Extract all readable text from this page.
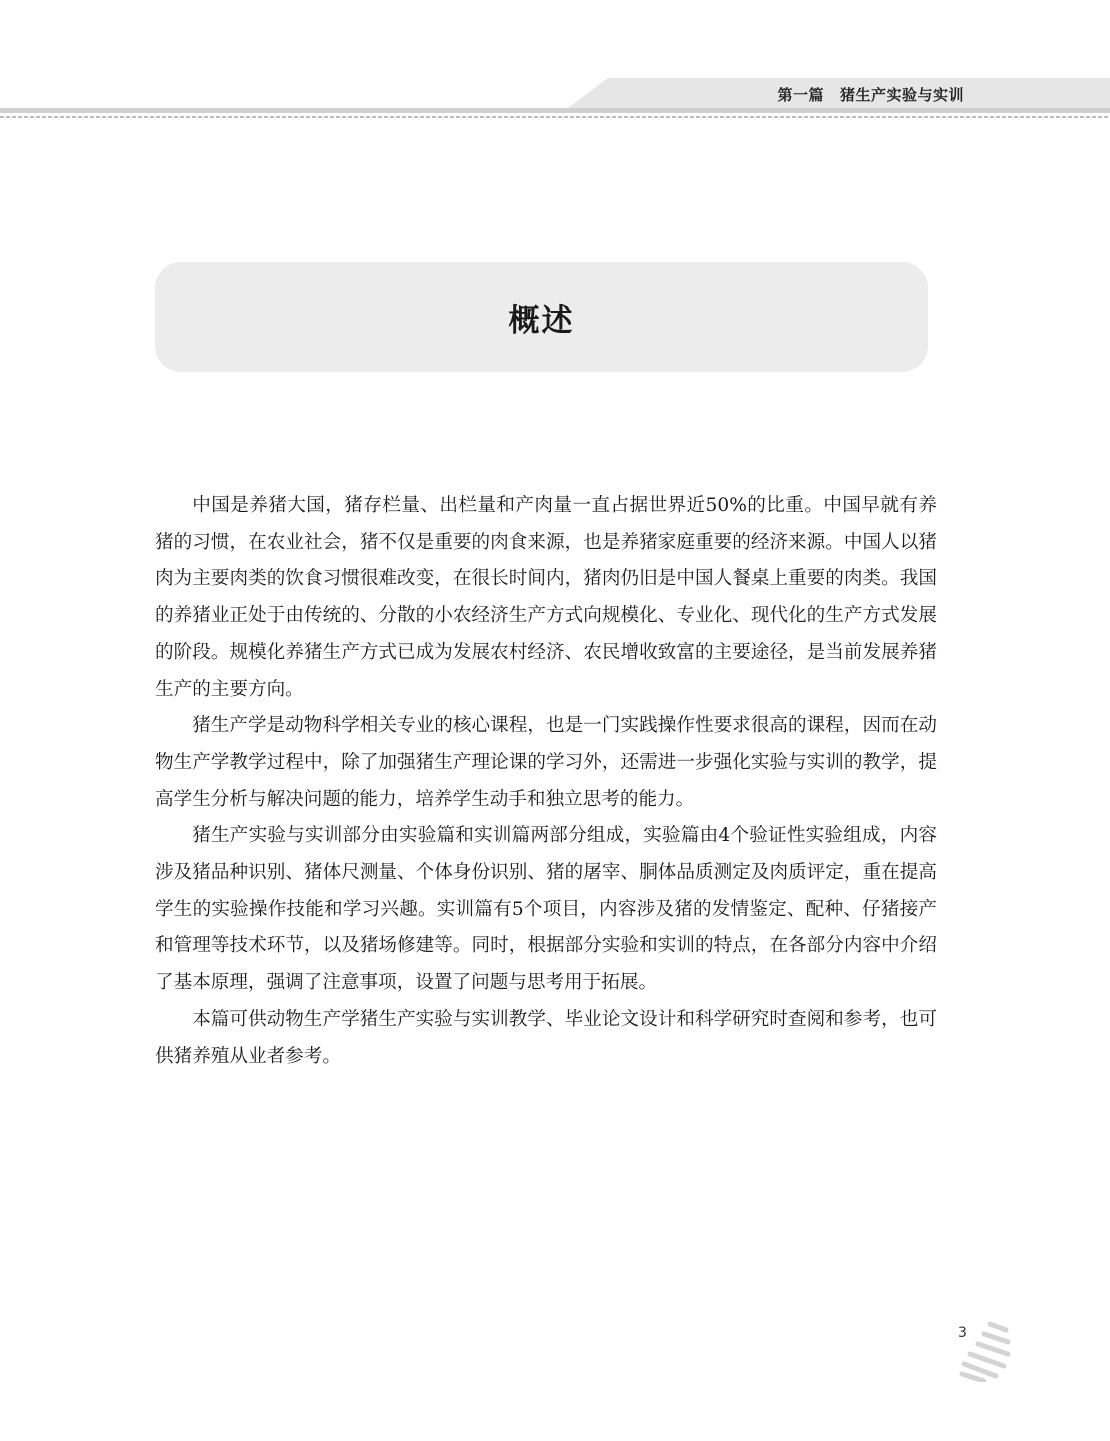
第一篇 猪生产实验与实训
概述

中国是养猪大国，猪存栏量、出栏量和产肉量一直占据世界近50%的比重。中国早就有养猪的习惯，在农业社会，猪不仅是重要的肉食来源，也是养猪家庭重要的经济来源。中国人以猪肉为主要肉类的饮食习惯很难改变，在很长时间内，猪肉仍旧是中国人餐桌上重要的肉类。我国的养猪业正处于由传统的、分散的小农经济生产方式向规模化、专业化、现代化的生产方式发展的阶段。规模化养猪生产方式已成为发展农村经济、农民增收致富的主要途径，是当前发展养猪生产的主要方向。

猪生产学是动物科学相关专业的核心课程，也是一门实践操作性要求很高的课程，因而在动物生产学教学过程中，除了加强猪生产理论课的学习外，还需进一步强化实验与实训的教学，提高学生分析与解决问题的能力，培养学生动手和独立思考的能力。

猪生产实验与实训部分由实验篇和实训篇两部分组成，实验篇由4个验证性实验组成，内容涉及猪品种识别、猪体尺测量、个体身份识别、猪的屠宰、胴体品质测定及肉质评定，重在提高学生的实验操作技能和学习兴趣。实训篇有5个项目，内容涉及猪的发情鉴定、配种、仔猪接产和管理等技术环节，以及猪场修建等。同时，根据部分实验和实训的特点，在各部分内容中介绍了基本原理，强调了注意事项，设置了问题与思考用于拓展。

本篇可供动物生产学猪生产实验与实训教学、毕业论文设计和科学研究时查阅和参考，也可供猪养殖从业者参考。

3
